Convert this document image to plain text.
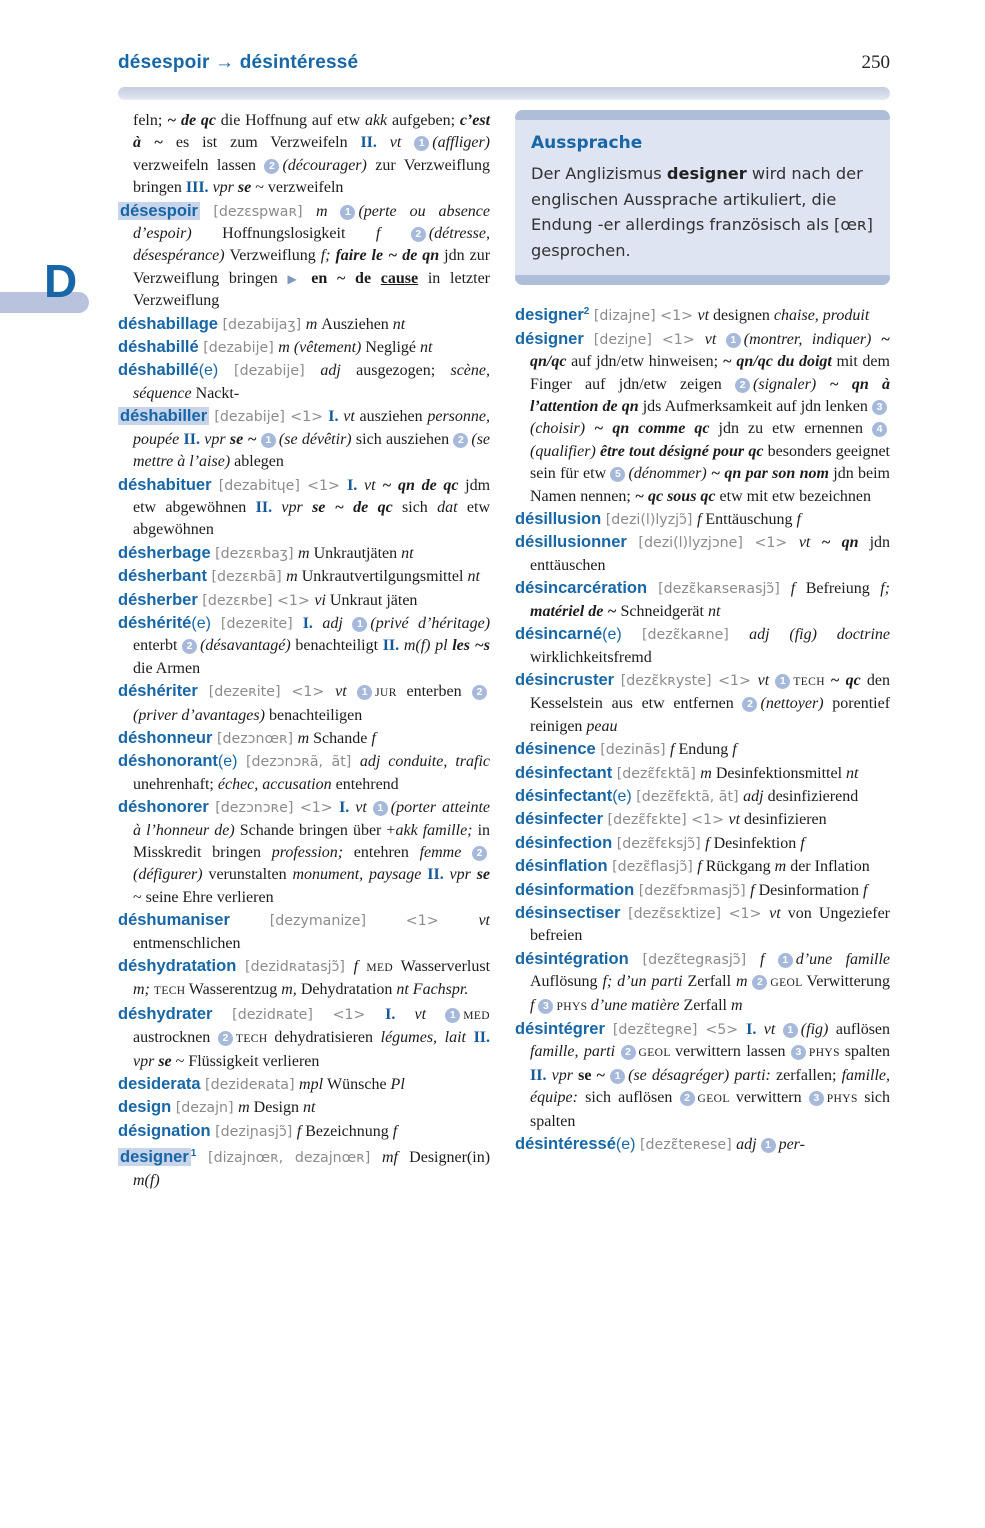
désespoir → désintéressé	250
D
feln; ~ de qc die Hoffnung auf etw akk aufgeben; c’est à ~ es ist zum Verzweifeln II. vt 1 (affliger) verzweifeln lassen 2 (décourager) zur Verzweiflung bringen III. vpr se ~ verzweifeln
désespoir [dezɛspwaʀ] m 1 (perte ou absence d’espoir) Hoffnungslosigkeit f 2 (détresse, désespérance) Verzweiflung f; faire le ~ de qn jdn zur Verzweiflung bringen ▶ en ~ de cause in letzter Verzweiflung
déshabillage [dezabijaʒ] m Ausziehen nt
déshabillé [dezabije] m (vêtement) Negligé nt
déshabillé(e) [dezabije] adj ausgezogen; scène, séquence Nackt-
déshabiller [dezabije] <1> I. vt ausziehen personne, poupée II. vpr se ~ 1 (se dévêtir) sich ausziehen 2 (se mettre à l’aise) ablegen
déshabituer [dezabitɥe] <1> I. vt ~ qn de qc jdm etw abgewöhnen II. vpr se ~ de qc sich dat etw abgewöhnen
désherbage [dezɛʀbaʒ] m Unkrautjäten nt
désherbant [dezɛʀbã] m Unkrautvertilgungsmittel nt
désherber [dezɛʀbe] <1> vi Unkraut jäten
déshérité(e) [dezeʀite] I. adj 1 (privé d’héritage) enterbt 2 (désavantagé) benachteiligt II. m(f) pl les ~s die Armen
déshériter [dezeʀite] <1> vt 1 JUR enterben 2(priver d’avantages) benachteiligen
déshonneur [dezɔnœʀ] m Schande f
déshonorant(e) [dezɔnɔʀã, ãt] adj conduite, trafic unehrenhaft; échec, accusation entehrend
déshonorer [dezɔnɔʀe] <1> I. vt 1 (porter atteinte à l’honneur de) Schande bringen über +akk famille; in Misskredit bringen profession; entehren femme 2(défigurer) verunstalten monument, paysage II. vpr se ~ seine Ehre verlieren
déshumaniser [dezymanize] <1> vt entmenschlichen
déshydratation [dezidʀatasjɔ̃] f MED Wasserverlust m; TECH Wasserentzug m, Dehydratation nt Fachspr.
déshydrater [dezidʀate] <1> I. vt 1 MED austrocknen 2 TECH dehydratisieren légumes, lait II. vpr se ~ Flüssigkeit verlieren
desiderata [dezideʀata] mpl Wünsche Pl
design [dezajn] m Design nt
désignation [deziɲasjɔ̃] f Bezeichnung f
designer $^1$ [dizajnœʀ, dezajnœʀ] mf Designer(in) m(f)
Aussprache
Der Anglizismus designer wird nach der englischen Aussprache artikuliert, die Endung -er allerdings französisch als [œʀ] gesprochen.
designer$^2$ [dizajne] <1> vt designen chaise, produit
désigner [deziɲe] <1> vt 1 (montrer, indiquer) ~ qn/qc auf jdn/etw hinweisen; ~ qn/qc du doigt mit dem Finger auf jdn/etw zeigen 2 (signaler) ~ qn à l’attention de qn jds Aufmerksamkeit auf jdn lenken 3(choisir) ~ qn comme qc jdn zu etw ernennen 4(qualifier) être tout désigné pour qc besonders geeignet sein für etw 5 (dénommer) ~ qn par son nom jdn beim Namen nennen; ~ qc sous qc etw mit etw bezeichnen
désillusion [dezi(l)lyzjɔ̃] f Enttäuschung f
désillusionner [dezi(l)lyzjɔne] <1> vt ~ qn jdn enttäuschen
désincarcération [dezɛ̃kaʀseʀasjɔ̃] f Befreiung f; matériel de ~ Schneidgerät nt
désincarné(e) [dezɛ̃kaʀne] adj (fig) doctrine wirklichkeitsfremd
désincruster [dezɛ̃kʀyste] <1> vt 1 TECH ~ qc den Kesselstein aus etw entfernen 2 (nettoyer) porentief reinigen peau
désinence [dezinãs] f Endung f
désinfectant [dezɛ̃fɛktã] m Desinfektionsmittel nt
désinfectant(e) [dezɛ̃fɛktã, ãt] adj desinfizierend
désinfecter [dezɛ̃fɛkte] <1> vt desinfizieren
désinfection [dezɛ̃fɛksjɔ̃] f Desinfektion f
désinflation [dezɛ̃flasjɔ̃] f Rückgang m der Inflation
désinformation [dezɛ̃fɔʀmasjɔ̃] f Desinformation f
désinsectiser [dezɛ̃sɛktize] <1> vt von Ungeziefer befreien
désintégration [dezɛ̃tegʀasjɔ̃] f 1 d’une famille Auflösung f; d’un parti Zerfall m 2 GEOL Verwitterung f 3 PHYS d’une matière Zerfall m
désintégrer [dezɛ̃tegʀe] <5> I. vt 1 (fig) auflösen famille, parti 2 GEOL verwittern lassen 3 PHYS spalten II. vpr se ~ 1 (se désagréger) parti: zerfallen; famille, équipe: sich auflösen 2 GEOL verwittern 3 PHYS sich spalten
désintéressé(e) [dezɛ̃teʀese] adj 1 per-
